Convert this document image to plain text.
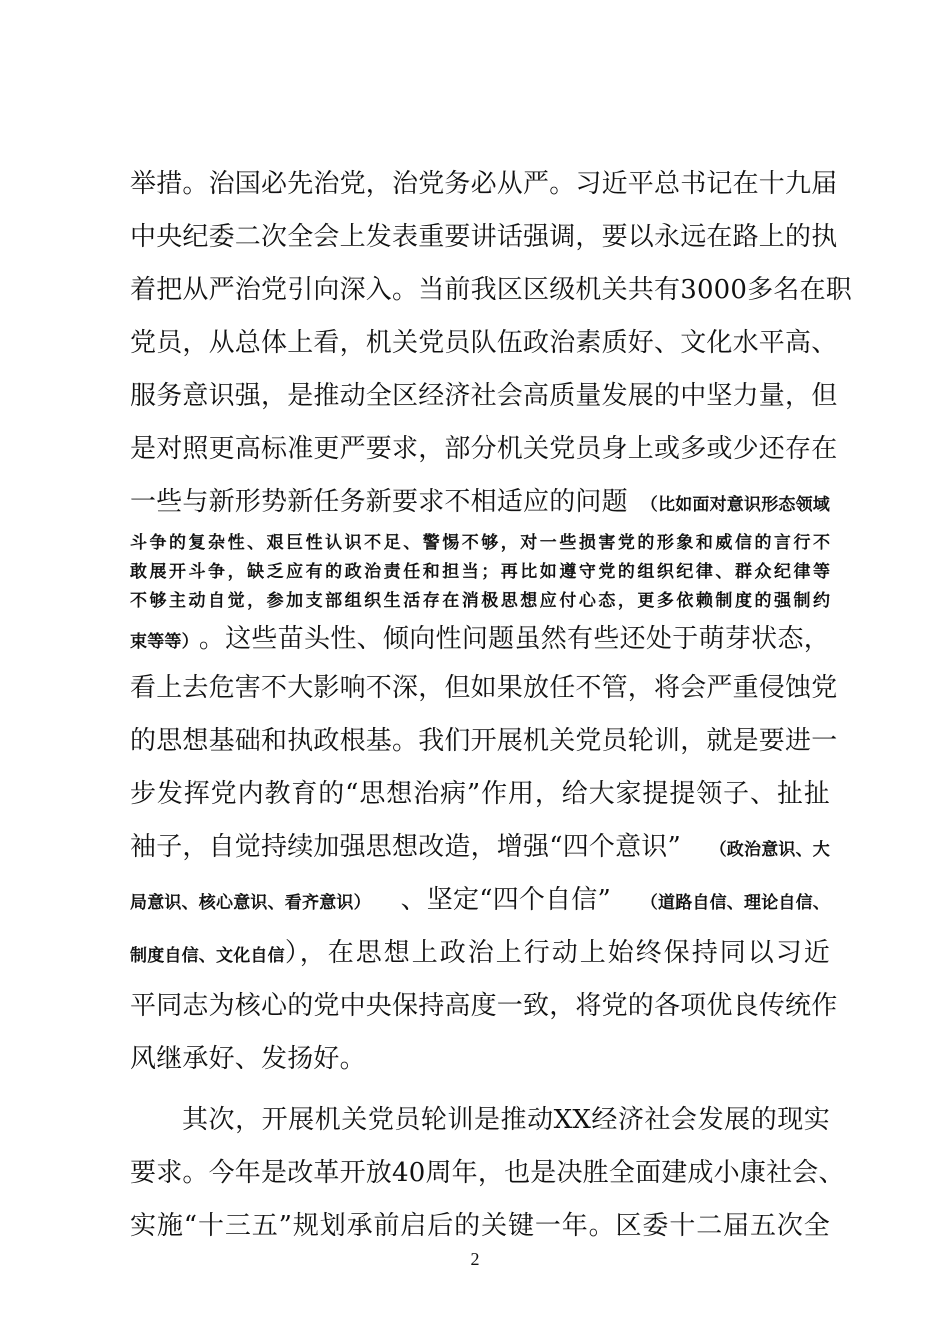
举措。治国必先治党，治党务必从严。习近平总书记在十九届
中央纪委二次全会上发表重要讲话强调，要以永远在路上的执
着把从严治党引向深入。当前我区区级机关共有3000多名在职
党员，从总体上看，机关党员队伍政治素质好、文化水平高、
服务意识强，是推动全区经济社会高质量发展的中坚力量，但
是对照更高标准更严要求，部分机关党员身上或多或少还存在
一些与新形势新任务新要求不相适应的问题 （比如面对意识形态领域
斗争的复杂性、艰巨性认识不足、警惕不够，对一些损害党的形象和威信的言行不
敢展开斗争，缺乏应有的政治责任和担当；再比如遵守党的组织纪律、群众纪律等
不够主动自觉，参加支部组织生活存在消极思想应付心态，更多依赖制度的强制约
束等等） 。这些苗头性、倾向性问题虽然有些还处于萌芽状态，
看上去危害不大影响不深，但如果放任不管，将会严重侵蚀党
的思想基础和执政根基。我们开展机关党员轮训，就是要进一
步发挥党内教育的“思想治病”作用，给大家提提领子、扯扯
袖子，自觉持续加强思想改造，增强“四个意识” （政治意识、大
局意识、核心意识、看齐意识） 、坚定“四个自信” （道路自信、理论自信、
制度自信、文化自信 ），在思想上政治上行动上始终保持同以习近
平同志为核心的党中央保持高度一致，将党的各项优良传统作
风继承好、发扬好。
其次，开展机关党员轮训是推动XX经济社会发展的现实
要求。今年是改革开放40周年，也是决胜全面建成小康社会、
实施“十三五”规划承前启后的关键一年。区委十二届五次全
2
